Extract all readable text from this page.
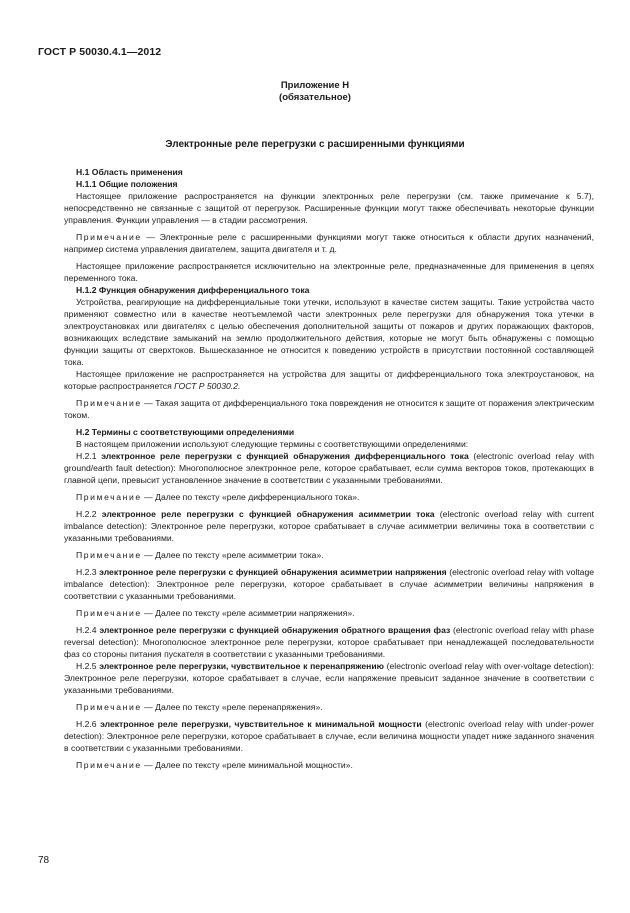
ГОСТ Р 50030.4.1—2012
Приложение Н
(обязательное)
Электронные реле перегрузки с расширенными функциями

Н.1 Область применения

Н.1.1 Общие положения

Настоящее приложение распространяется на функции электронных реле перегрузки (см. также примечание к 5.7), непосредственно не связанные с защитой от перегрузок. Расширенные функции могут также обеспечивать некоторые функции управления. Функции управления — в стадии рассмотрения.

Примечание — Электронные реле с расширенными функциями могут также относиться к области других назначений, например система управления двигателем, защита двигателя и т. д.

Настоящее приложение распространяется исключительно на электронные реле, предназначенные для применения в цепях переменного тока.

Н.1.2 Функция обнаружения дифференциального тока

Устройства, реагирующие на дифференциальные токи утечки, используют в качестве систем защиты. Такие устройства часто применяют совместно или в качестве неотъемлемой части электронных реле перегрузки для обнаружения тока утечки в электроустановках или двигателях с целью обеспечения дополнительной защиты от пожаров и других поражающих факторов, возникающих вследствие замыканий на землю продолжительного действия, которые не могут быть обнаружены с помощью функции защиты от сверхтоков. Вышесказанное не относится к поведению устройств в присутствии постоянной составляющей тока.

Настоящее приложение не распространяется на устройства для защиты от дифференциального тока электроустановок, на которые распространяется ГОСТ Р 50030.2.

Примечание — Такая защита от дифференциального тока повреждения не относится к защите от поражения электрическим током.

Н.2 Термины с соответствующими определениями

В настоящем приложении используют следующие термины с соответствующими определениями:

Н.2.1 электронное реле перегрузки с функцией обнаружения дифференциального тока (electronic overload relay with ground/earth fault detection): Многополюсное электронное реле, которое срабатывает, если сумма векторов токов, протекающих в главной цепи, превысит установленное значение в соответствии с указанными требованиями.

Примечание — Далее по тексту «реле дифференциального тока».

Н.2.2 электронное реле перегрузки с функцией обнаружения асимметрии тока (electronic overload relay with current imbalance detection): Электронное реле перегрузки, которое срабатывает в случае асимметрии величины тока в соответствии с указанными требованиями.

Примечание — Далее по тексту «реле асимметрии тока».

Н.2.3 электронное реле перегрузки с функцией обнаружения асимметрии напряжения (electronic overload relay with voltage imbalance detection): Электронное реле перегрузки, которое срабатывает в случае асимметрии величины напряжения в соответствии с указанными требованиями.

Примечание — Далее по тексту «реле асимметрии напряжения».

Н.2.4 электронное реле перегрузки с функцией обнаружения обратного вращения фаз (electronic overload relay with phase reversal detection): Многополюсное электронное реле перегрузки, которое срабатывает при ненадлежащей последовательности фаз со стороны питания пускателя в соответствии с указанными требованиями.

Н.2.5 электронное реле перегрузки, чувствительное к перенапряжению (electronic overload relay with over-voltage detection): Электронное реле перегрузки, которое срабатывает в случае, если напряжение превысит заданное значение в соответствии с указанными требованиями.

Примечание — Далее по тексту «реле перенапряжения».

Н.2.6 электронное реле перегрузки, чувствительное к минимальной мощности (electronic overload relay with under-power detection): Электронное реле перегрузки, которое срабатывает в случае, если величина мощности упадет ниже заданного значения в соответствии с указанными требованиями.

Примечание — Далее по тексту «реле минимальной мощности».

78
